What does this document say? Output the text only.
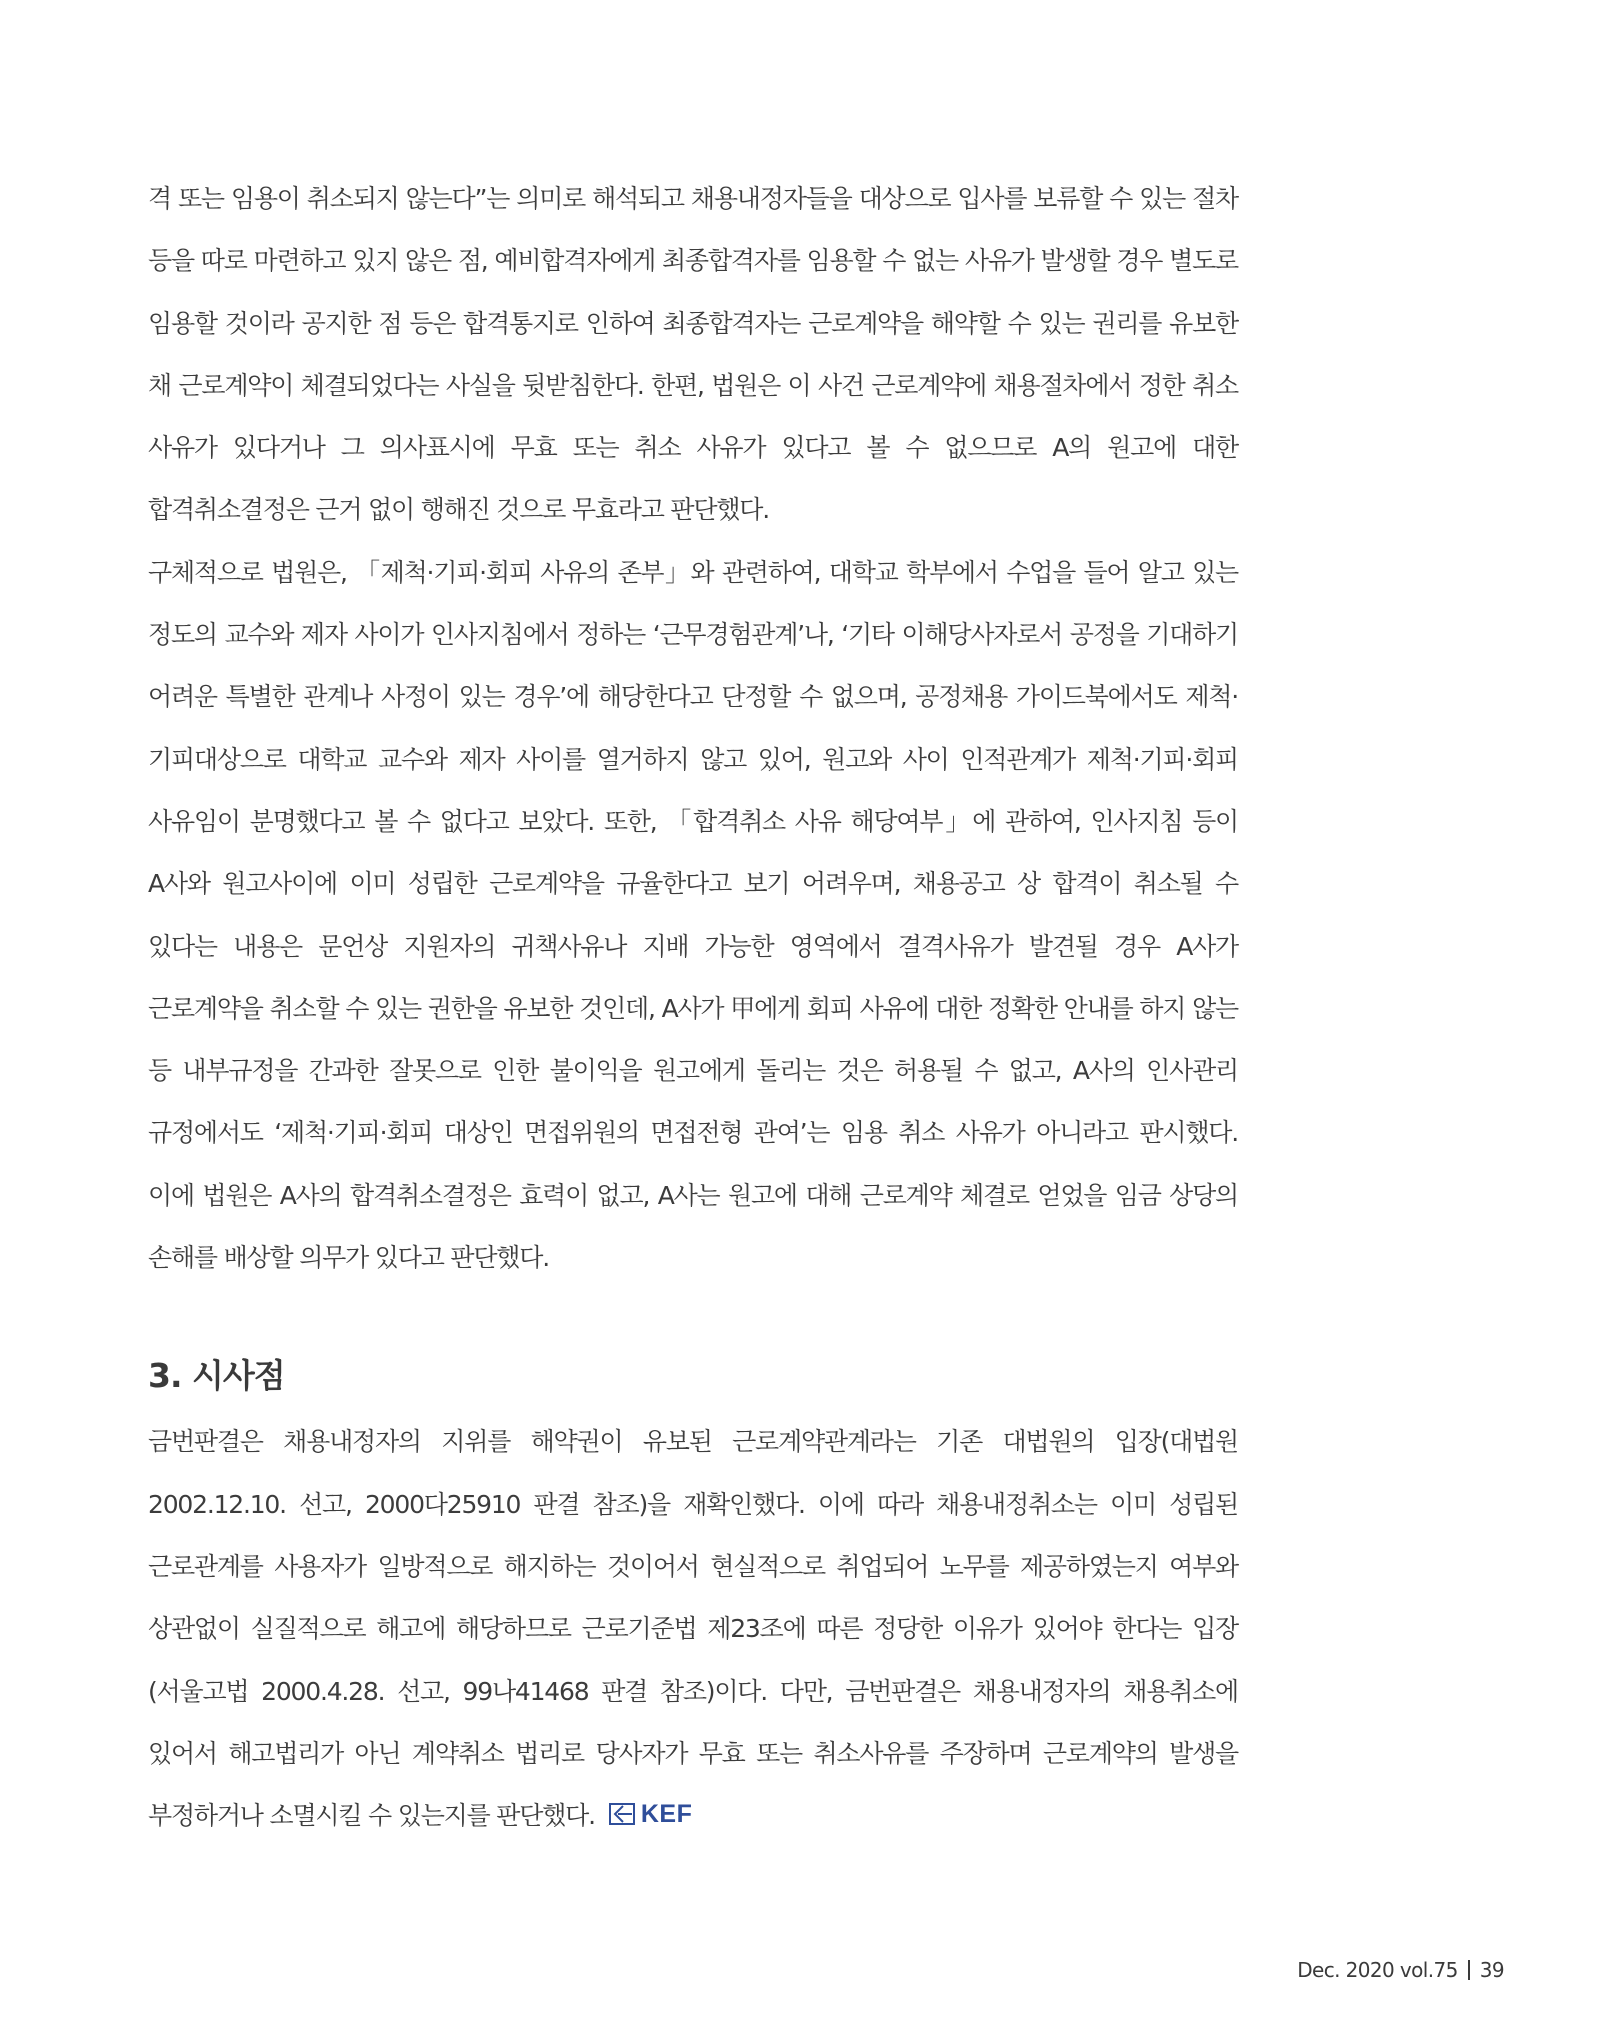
격 또는 임용이 취소되지 않는다”는 의미로 해석되고 채용내정자들을 대상으로 입사를 보류할 수 있는 절차 등을 따로 마련하고 있지 않은 점, 예비합격자에게 최종합격자를 임용할 수 없는 사유가 발생할 경우 별도로 임용할 것이라 공지한 점 등은 합격통지로 인하여 최종합격자는 근로계약을 해약할 수 있는 권리를 유보한 채 근로계약이 체결되었다는 사실을 뒷받침한다. 한편, 법원은 이 사건 근로계약에 채용절차에서 정한 취소 사유가 있다거나 그 의사표시에 무효 또는 취소 사유가 있다고 볼 수 없으므로 A의 원고에 대한 합격취소결정은 근거 없이 행해진 것으로 무효라고 판단했다.

구체적으로 법원은, 「제척·기피·회피 사유의 존부」와 관련하여, 대학교 학부에서 수업을 들어 알고 있는 정도의 교수와 제자 사이가 인사지침에서 정하는 ‘근무경험관계’나, ‘기타 이해당사자로서 공정을 기대하기 어려운 특별한 관계나 사정이 있는 경우’에 해당한다고 단정할 수 없으며, 공정채용 가이드북에서도 제척·기피대상으로 대학교 교수와 제자 사이를 열거하지 않고 있어, 원고와 사이 인적관계가 제척·기피·회피 사유임이 분명했다고 볼 수 없다고 보았다. 또한, 「합격취소 사유 해당여부」에 관하여, 인사지침 등이 A사와 원고사이에 이미 성립한 근로계약을 규율한다고 보기 어려우며, 채용공고 상 합격이 취소될 수 있다는 내용은 문언상 지원자의 귀책사유나 지배 가능한 영역에서 결격사유가 발견될 경우 A사가 근로계약을 취소할 수 있는 권한을 유보한 것인데, A사가 甲에게 회피 사유에 대한 정확한 안내를 하지 않는 등 내부규정을 간과한 잘못으로 인한 불이익을 원고에게 돌리는 것은 허용될 수 없고, A사의 인사관리 규정에서도 ‘제척·기피·회피 대상인 면접위원의 면접전형 관여’는 임용 취소 사유가 아니라고 판시했다. 이에 법원은 A사의 합격취소결정은 효력이 없고, A사는 원고에 대해 근로계약 체결로 얻었을 임금 상당의 손해를 배상할 의무가 있다고 판단했다.

3. 시사점

금번판결은 채용내정자의 지위를 해약권이 유보된 근로계약관계라는 기존 대법원의 입장(대법원 2002.12.10. 선고, 2000다25910 판결 참조)을 재확인했다. 이에 따라 채용내정취소는 이미 성립된 근로관계를 사용자가 일방적으로 해지하는 것이어서 현실적으로 취업되어 노무를 제공하였는지 여부와 상관없이 실질적으로 해고에 해당하므로 근로기준법 제23조에 따른 정당한 이유가 있어야 한다는 입장(서울고법 2000.4.28. 선고, 99나41468 판결 참조)이다. 다만, 금번판결은 채용내정자의 채용취소에 있어서 해고법리가 아닌 계약취소 법리로 당사자가 무효 또는 취소사유를 주장하며 근로계약의 발생을 부정하거나 소멸시킬 수 있는지를 판단했다. KEF

Dec. 2020 vol.75 39
